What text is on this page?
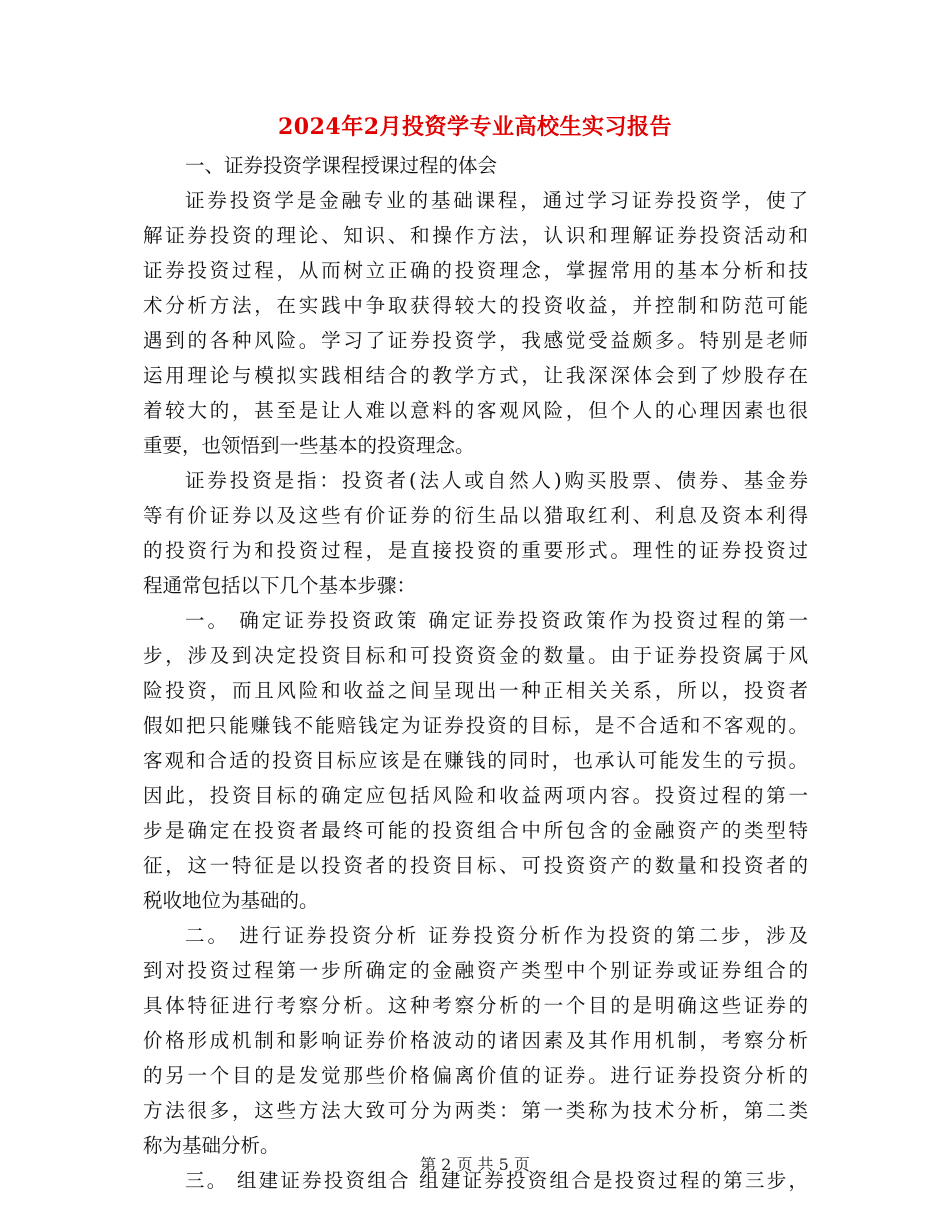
2024年2月投资学专业高校生实习报告
一、证券投资学课程授课过程的体会
证券投资学是金融专业的基础课程，通过学习证券投资学，使了
解证券投资的理论、知识、和操作方法，认识和理解证券投资活动和
证券投资过程，从而树立正确的投资理念，掌握常用的基本分析和技
术分析方法，在实践中争取获得较大的投资收益，并控制和防范可能
遇到的各种风险。学习了证券投资学，我感觉受益颇多。特别是老师
运用理论与模拟实践相结合的教学方式，让我深深体会到了炒股存在
着较大的，甚至是让人难以意料的客观风险，但个人的心理因素也很
重要，也领悟到一些基本的投资理念。
证券投资是指：投资者(法人或自然人)购买股票、债券、基金券
等有价证券以及这些有价证券的衍生品以猎取红利、利息及资本利得
的投资行为和投资过程，是直接投资的重要形式。理性的证券投资过
程通常包括以下几个基本步骤：
一。 确定证券投资政策 确定证券投资政策作为投资过程的第一
步，涉及到决定投资目标和可投资资金的数量。由于证券投资属于风
险投资，而且风险和收益之间呈现出一种正相关关系，所以，投资者
假如把只能赚钱不能赔钱定为证券投资的目标，是不合适和不客观的。
客观和合适的投资目标应该是在赚钱的同时，也承认可能发生的亏损。
因此，投资目标的确定应包括风险和收益两项内容。投资过程的第一
步是确定在投资者最终可能的投资组合中所包含的金融资产的类型特
征，这一特征是以投资者的投资目标、可投资资产的数量和投资者的
税收地位为基础的。
二。 进行证券投资分析 证券投资分析作为投资的第二步，涉及
到对投资过程第一步所确定的金融资产类型中个别证券或证券组合的
具体特征进行考察分析。这种考察分析的一个目的是明确这些证券的
价格形成机制和影响证券价格波动的诸因素及其作用机制，考察分析
的另一个目的是发觉那些价格偏离价值的证券。进行证券投资分析的
方法很多，这些方法大致可分为两类：第一类称为技术分析，第二类
称为基础分析。
三。 组建证券投资组合 组建证券投资组合是投资过程的第三步，
第 2 页 共 5 页
